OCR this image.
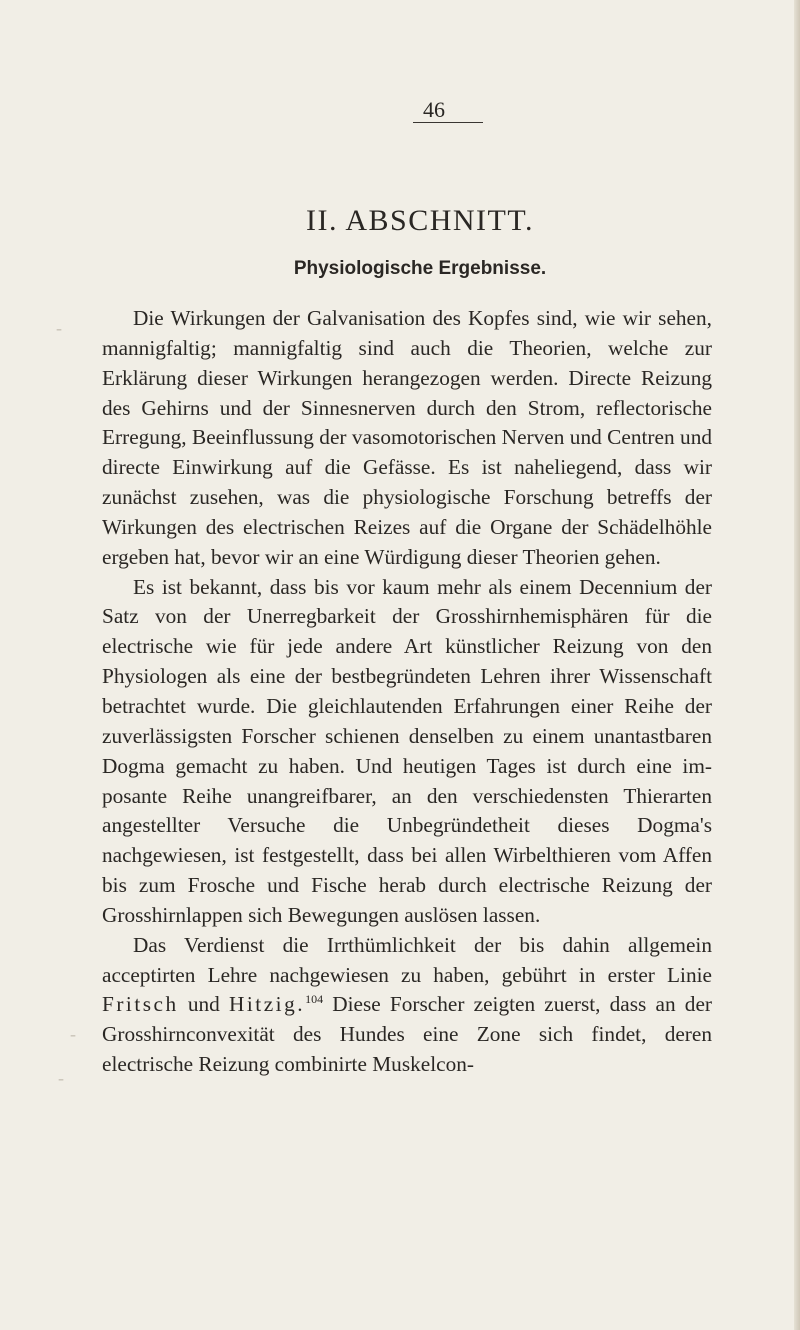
-
-
-
46
II. ABSCHNITT.
Physiologische Ergebnisse.

Die Wirkungen der Galvanisation des Kopfes sind, wie wir sehen, mannigfaltig; mannigfaltig sind auch die Theorien, welche zur Erklärung dieser Wirkungen herangezogen werden. Directe Reizung des Gehirns und der Sinnesnerven durch den Strom, reflectorische Erregung, Beeinflussung der vasomotorischen Nerven und Centren und directe Einwirkung auf die Gefässe. Es ist naheliegend, dass wir zunächst zusehen, was die physiologische Forschung betreffs der Wirkungen des electrischen Reizes auf die Organe der Schädelhöhle ergeben hat, bevor wir an eine Würdigung dieser Theorien gehen.

Es ist bekannt, dass bis vor kaum mehr als einem Decennium der Satz von der Unerregbarkeit der Grosshirnhemisphären für die electrische wie für jede andere Art künstlicher Reizung von den Physiologen als eine der bestbegründeten Lehren ihrer Wissenschaft betrachtet wurde. Die gleichlautenden Erfahrungen einer Reihe der zuverlässigsten Forscher schienen denselben zu einem unantastbaren Dogma gemacht zu haben. Und heutigen Tages ist durch eine imposante Reihe unangreifbarer, an den verschiedensten Thierarten angestellter Versuche die Unbegründetheit dieses Dogma's nachgewiesen, ist festgestellt, dass bei allen Wirbelthieren vom Affen bis zum Frosche und Fische herab durch electrische Reizung der Grosshirnlappen sich Bewegungen auslösen lassen.

Das Verdienst die Irrthümlichkeit der bis dahin allgemein acceptirten Lehre nachgewiesen zu haben, gebührt in erster Linie Fritsch und Hitzig.$^{104}$ Diese Forscher zeigten zuerst, dass an der Grosshirnconvexität des Hundes eine Zone sich findet, deren electrische Reizung combinirte Muskelcon-
